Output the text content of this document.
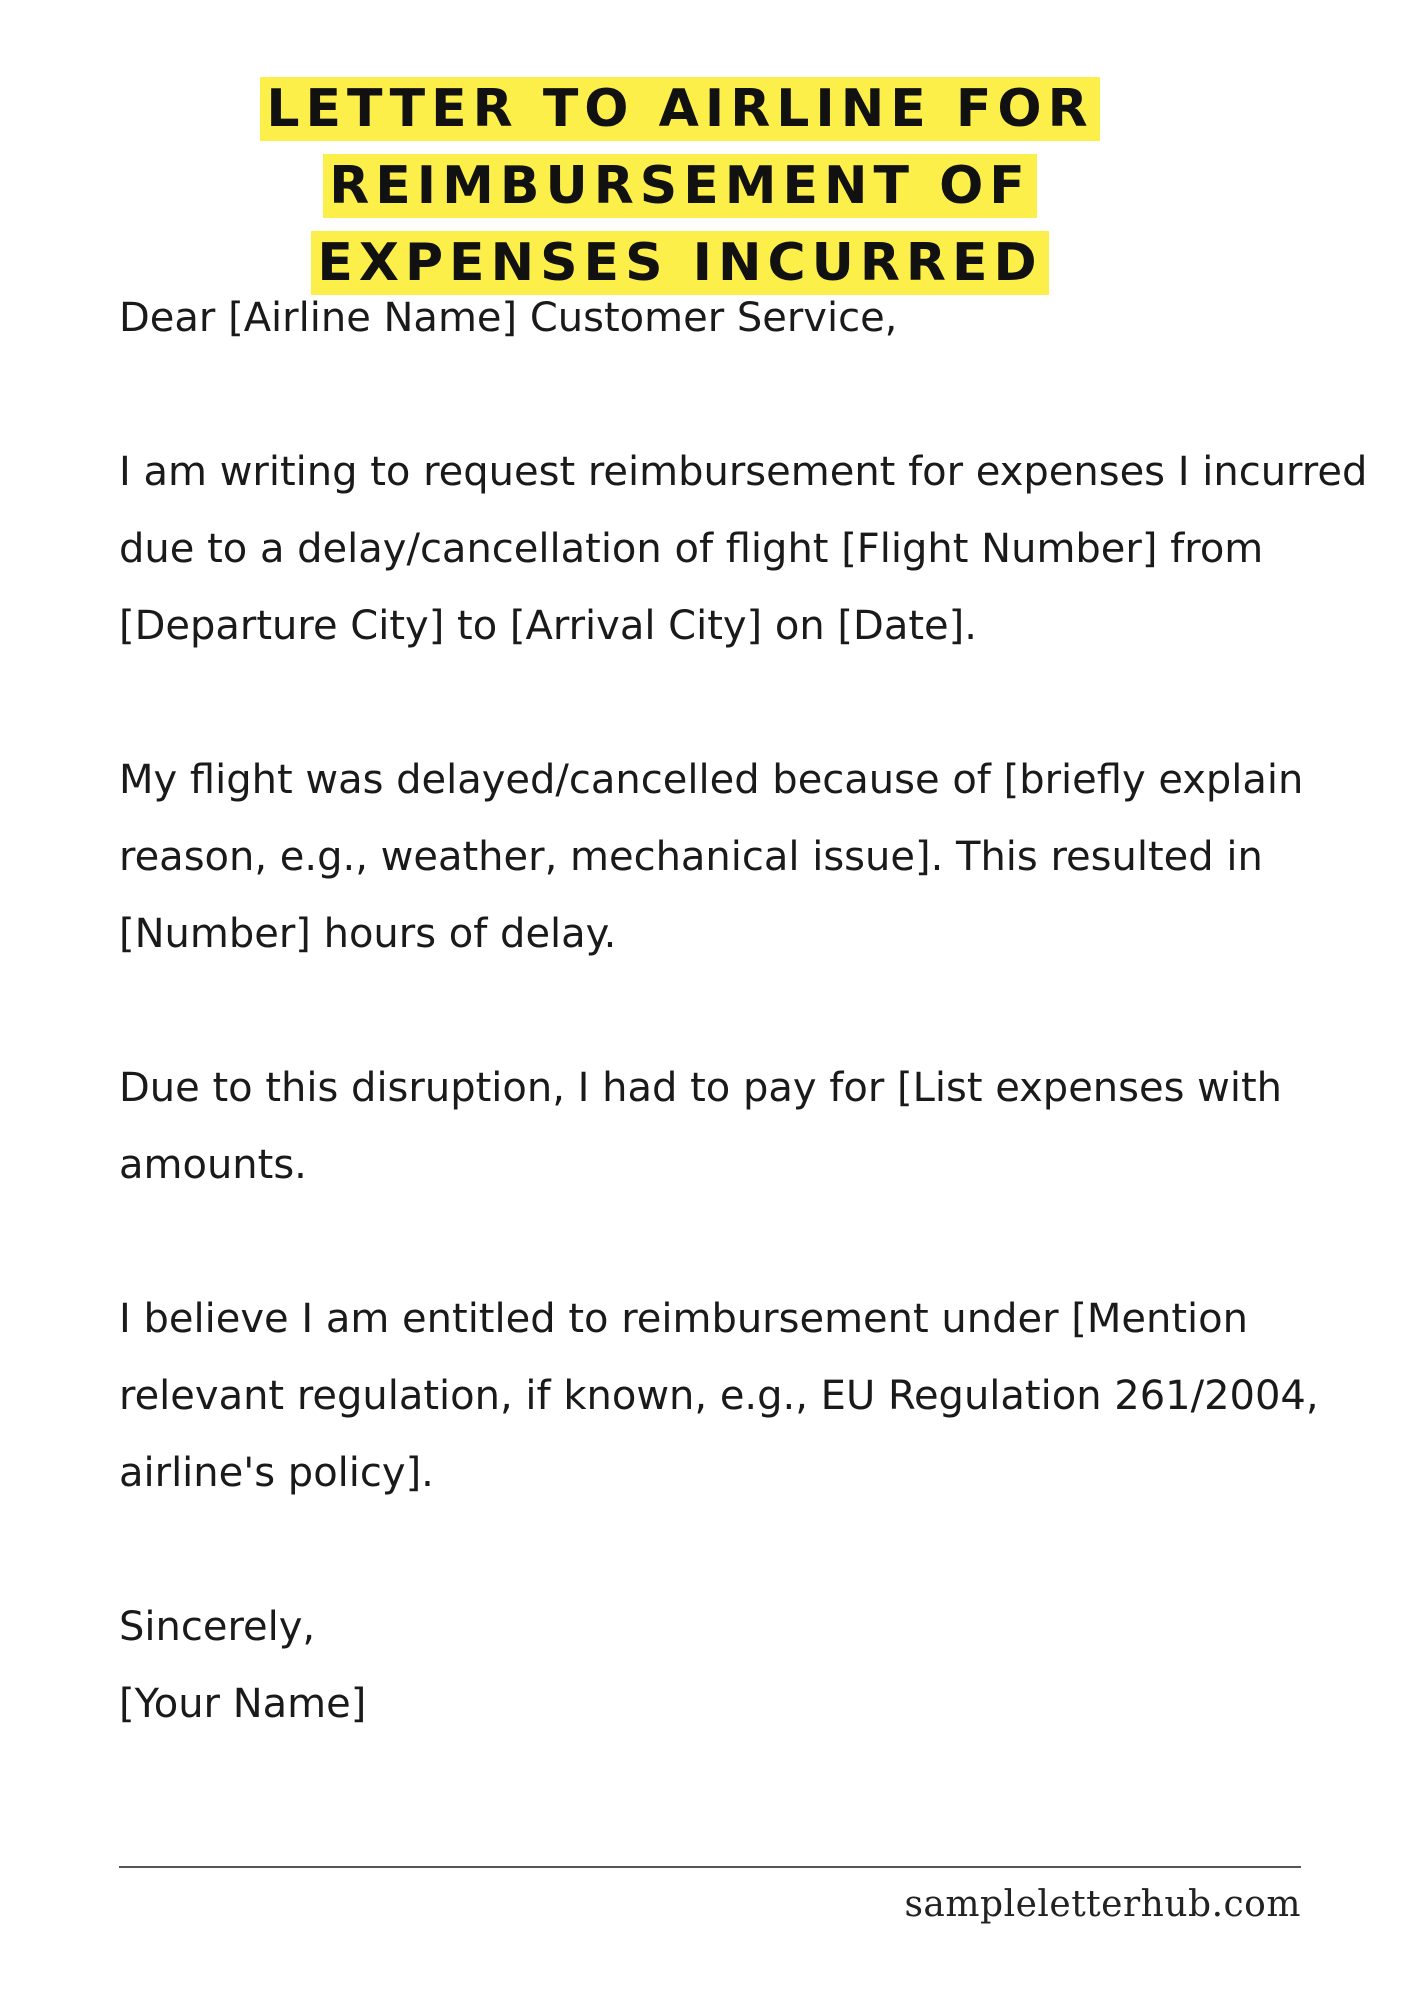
LETTER TO AIRLINE FOR REIMBURSEMENT OF EXPENSES INCURRED

Dear [Airline Name] Customer Service,

I am writing to request reimbursement for expenses I incurred due to a delay/cancellation of flight [Flight Number] from [Departure City] to [Arrival City] on [Date].

My flight was delayed/cancelled because of [briefly explain reason, e.g., weather, mechanical issue]. This resulted in [Number] hours of delay.

Due to this disruption, I had to pay for [List expenses with amounts.

I believe I am entitled to reimbursement under [Mention relevant regulation, if known, e.g., EU Regulation 261/2004, airline's policy].

Sincerely,

[Your Name]

sampleletterhub.com
